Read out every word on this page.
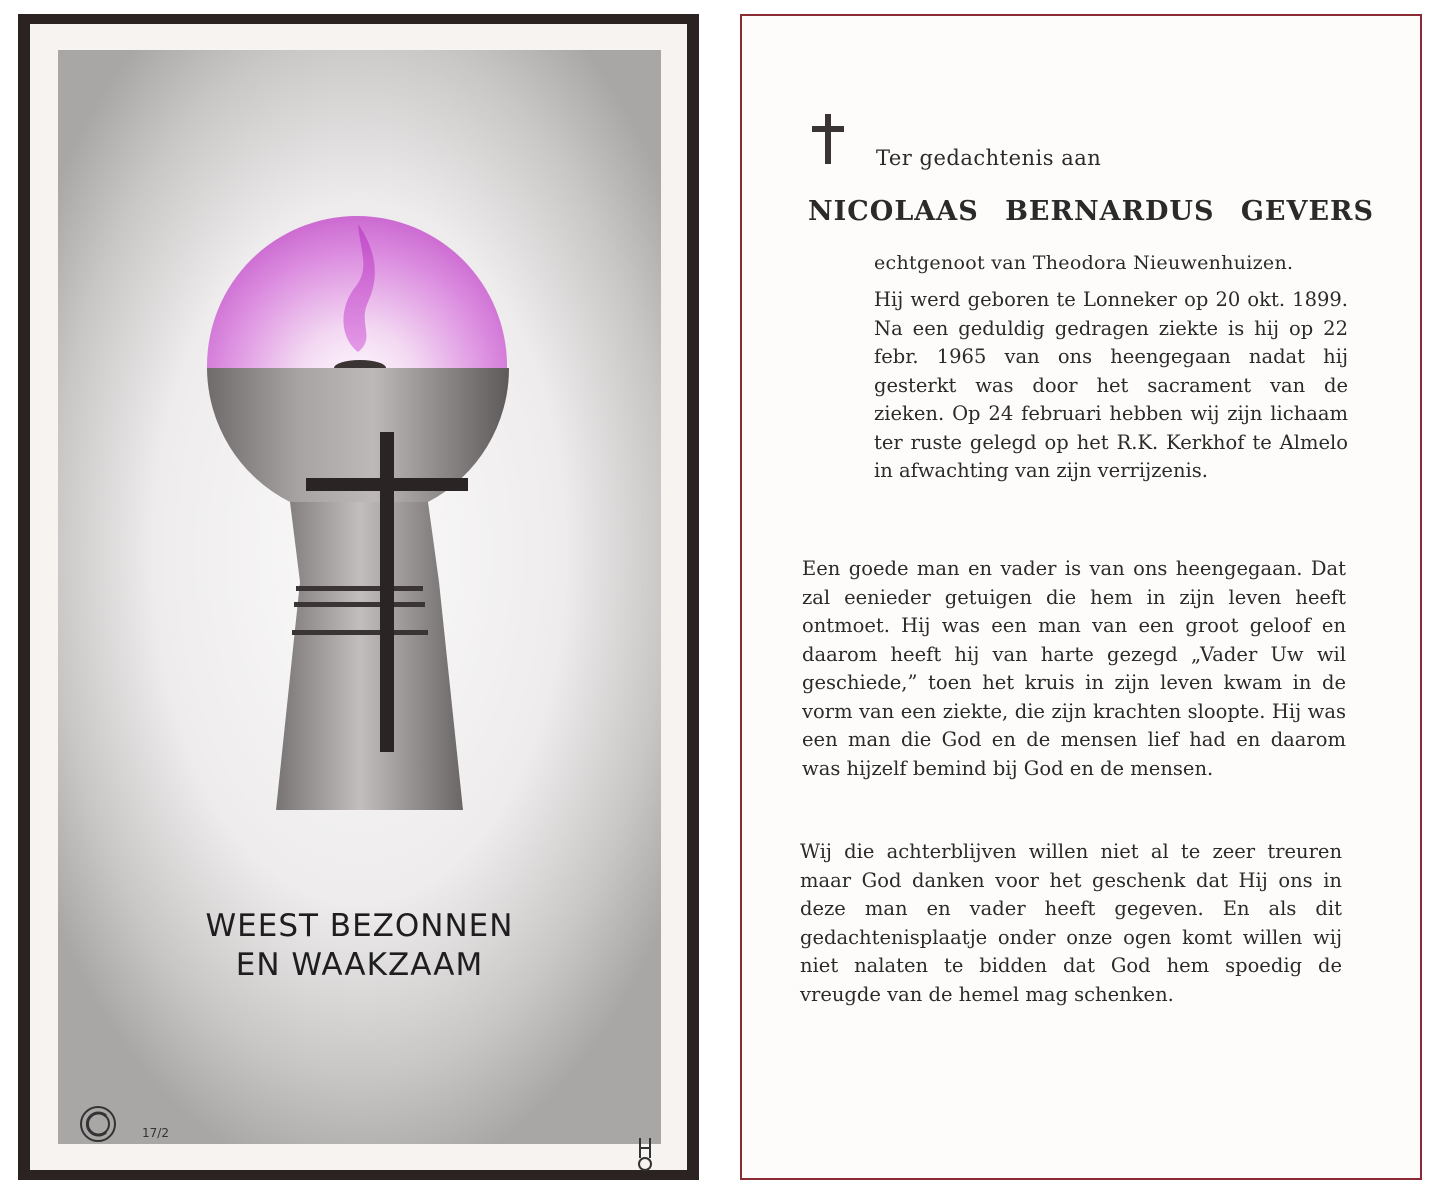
WEEST BEZONNEN
EN WAAKZAAM
17/2
Ter gedachtenis aan
NICOLAAS BERNARDUS GEVERS
echtgenoot van Theodora Nieuwenhuizen.

Hij werd geboren te Lonneker op 20 okt. 1899. Na een geduldig gedragen ziekte is hij op 22 febr. 1965 van ons heengegaan nadat hij gesterkt was door het sacrament van de zieken. Op 24 februari hebben wij zijn lichaam ter ruste gelegd op het R.K. Kerkhof te Almelo in afwachting van zijn verrijzenis.

Een goede man en vader is van ons heengegaan. Dat zal eenieder getuigen die hem in zijn leven heeft ontmoet. Hij was een man van een groot geloof en daarom heeft hij van harte gezegd „Vader Uw wil geschiede,” toen het kruis in zijn leven kwam in de vorm van een ziekte, die zijn krachten sloopte. Hij was een man die God en de mensen lief had en daarom was hijzelf bemind bij God en de mensen.

Wij die achterblijven willen niet al te zeer treuren maar God danken voor het geschenk dat Hij ons in deze man en vader heeft gegeven. En als dit gedachtenisplaatje onder onze ogen komt willen wij niet nalaten te bidden dat God hem spoedig de vreugde van de hemel mag schenken.
